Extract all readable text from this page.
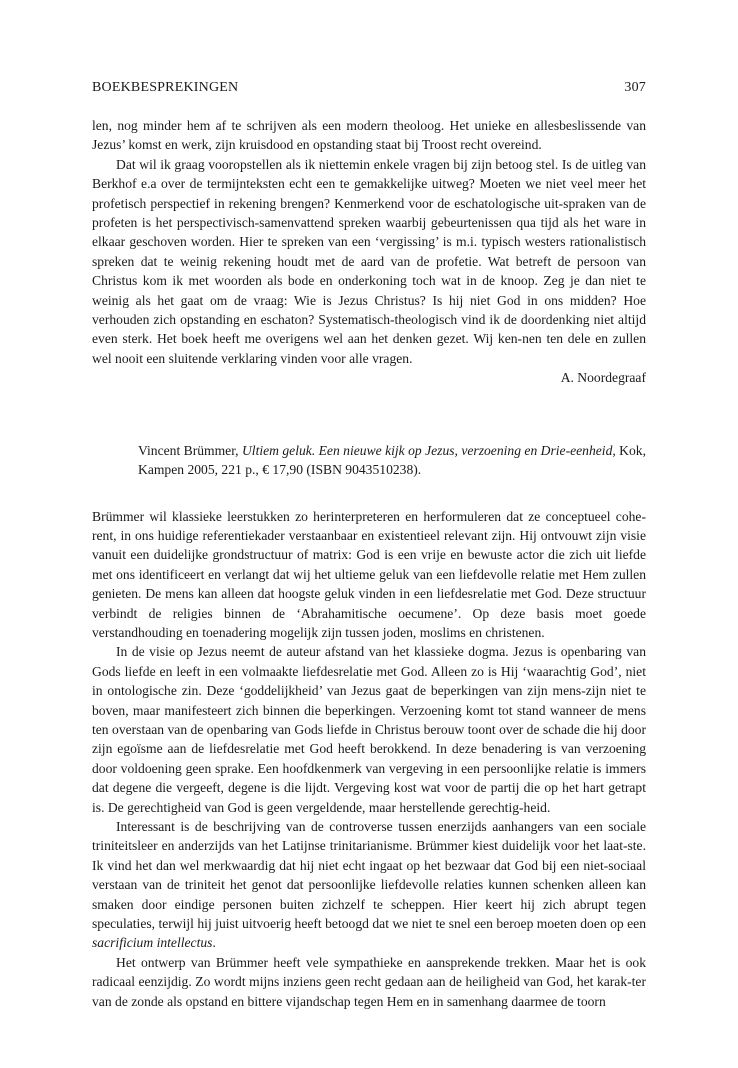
BOEKBESPREKINGEN	307

len, nog minder hem af te schrijven als een modern theoloog. Het unieke en allesbeslissende van Jezus’ komst en werk, zijn kruisdood en opstanding staat bij Troost recht overeind.

Dat wil ik graag vooropstellen als ik niettemin enkele vragen bij zijn betoog stel. Is de uitleg van Berkhof e.a over de termijnteksten echt een te gemakkelijke uitweg? Moeten we niet veel meer het profetisch perspectief in rekening brengen? Kenmerkend voor de eschatologische uit-spraken van de profeten is het perspectivisch-samenvattend spreken waarbij gebeurtenissen qua tijd als het ware in elkaar geschoven worden. Hier te spreken van een ‘vergissing’ is m.i. typisch westers rationalistisch spreken dat te weinig rekening houdt met de aard van de profetie. Wat betreft de persoon van Christus kom ik met woorden als bode en onderkoning toch wat in de knoop. Zeg je dan niet te weinig als het gaat om de vraag: Wie is Jezus Christus? Is hij niet God in ons midden? Hoe verhouden zich opstanding en eschaton? Systematisch-theologisch vind ik de doordenking niet altijd even sterk. Het boek heeft me overigens wel aan het denken gezet. Wij ken-nen ten dele en zullen wel nooit een sluitende verklaring vinden voor alle vragen.

A. Noordegraaf

Vincent Brümmer, Ultiem geluk. Een nieuwe kijk op Jezus, verzoening en Drie-eenheid, Kok, Kampen 2005, 221 p., € 17,90 (ISBN 9043510238).

Brümmer wil klassieke leerstukken zo herinterpreteren en herformuleren dat ze conceptueel cohe-rent, in ons huidige referentiekader verstaanbaar en existentieel relevant zijn. Hij ontvouwt zijn visie vanuit een duidelijke grondstructuur of matrix: God is een vrije en bewuste actor die zich uit liefde met ons identificeert en verlangt dat wij het ultieme geluk van een liefdevolle relatie met Hem zullen genieten. De mens kan alleen dat hoogste geluk vinden in een liefdesrelatie met God. Deze structuur verbindt de religies binnen de ‘Abrahamitische oecumene’. Op deze basis moet goede verstandhouding en toenadering mogelijk zijn tussen joden, moslims en christenen.

In de visie op Jezus neemt de auteur afstand van het klassieke dogma. Jezus is openbaring van Gods liefde en leeft in een volmaakte liefdesrelatie met God. Alleen zo is Hij ‘waarachtig God’, niet in ontologische zin. Deze ‘goddelijkheid’ van Jezus gaat de beperkingen van zijn mens-zijn niet te boven, maar manifesteert zich binnen die beperkingen. Verzoening komt tot stand wanneer de mens ten overstaan van de openbaring van Gods liefde in Christus berouw toont over de schade die hij door zijn egoïsme aan de liefdesrelatie met God heeft berokkend. In deze benadering is van verzoening door voldoening geen sprake. Een hoofdkenmerk van vergeving in een persoonlijke relatie is immers dat degene die vergeeft, degene is die lijdt. Vergeving kost wat voor de partij die op het hart getrapt is. De gerechtigheid van God is geen vergeldende, maar herstellende gerechtig-heid.

Interessant is de beschrijving van de controverse tussen enerzijds aanhangers van een sociale triniteitsleer en anderzijds van het Latijnse trinitarianisme. Brümmer kiest duidelijk voor het laat-ste. Ik vind het dan wel merkwaardig dat hij niet echt ingaat op het bezwaar dat God bij een niet-sociaal verstaan van de triniteit het genot dat persoonlijke liefdevolle relaties kunnen schenken alleen kan smaken door eindige personen buiten zichzelf te scheppen. Hier keert hij zich abrupt tegen speculaties, terwijl hij juist uitvoerig heeft betoogd dat we niet te snel een beroep moeten doen op een sacrificium intellectus.

Het ontwerp van Brümmer heeft vele sympathieke en aansprekende trekken. Maar het is ook radicaal eenzijdig. Zo wordt mijns inziens geen recht gedaan aan de heiligheid van God, het karak-ter van de zonde als opstand en bittere vijandschap tegen Hem en in samenhang daarmee de toorn
